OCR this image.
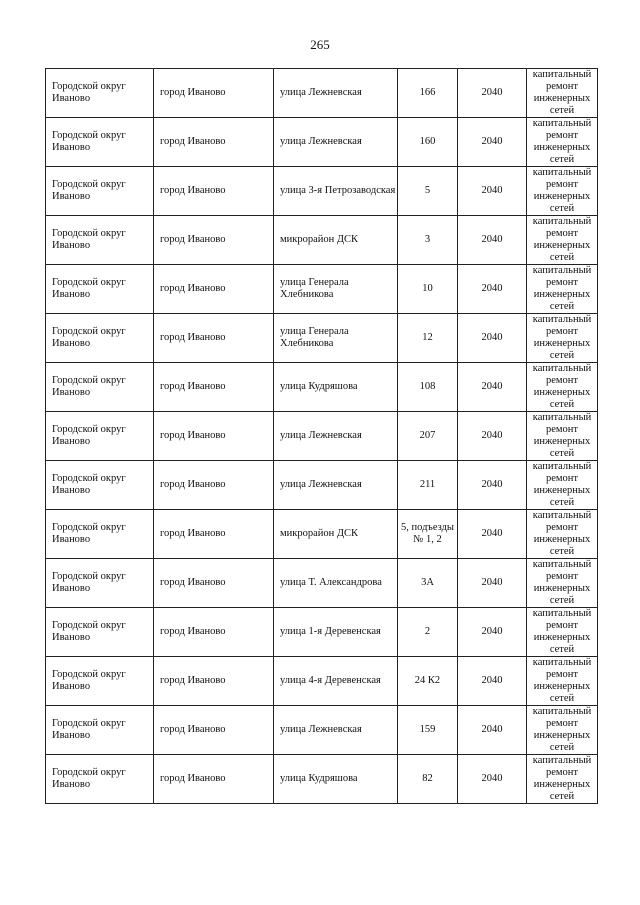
265
Городской округ Иваново	город Иваново	улица Лежневская	166	2040	капитальный ремонт инженерных сетей
Городской округ Иваново	город Иваново	улица Лежневская	160	2040	капитальный ремонт инженерных сетей
Городской округ Иваново	город Иваново	улица 3-я Петрозаводская	5	2040	капитальный ремонт инженерных сетей
Городской округ Иваново	город Иваново	микрорайон ДСК	3	2040	капитальный ремонт инженерных сетей
Городской округ Иваново	город Иваново	улица Генерала Хлебникова	10	2040	капитальный ремонт инженерных сетей
Городской округ Иваново	город Иваново	улица Генерала Хлебникова	12	2040	капитальный ремонт инженерных сетей
Городской округ Иваново	город Иваново	улица Кудряшова	108	2040	капитальный ремонт инженерных сетей
Городской округ Иваново	город Иваново	улица Лежневская	207	2040	капитальный ремонт инженерных сетей
Городской округ Иваново	город Иваново	улица Лежневская	211	2040	капитальный ремонт инженерных сетей
Городской округ Иваново	город Иваново	микрорайон ДСК	5, подъезды № 1, 2	2040	капитальный ремонт инженерных сетей
Городской округ Иваново	город Иваново	улица Т. Александрова	3А	2040	капитальный ремонт инженерных сетей
Городской округ Иваново	город Иваново	улица 1-я Деревенская	2	2040	капитальный ремонт инженерных сетей
Городской округ Иваново	город Иваново	улица 4-я Деревенская	24 К2	2040	капитальный ремонт инженерных сетей
Городской округ Иваново	город Иваново	улица Лежневская	159	2040	капитальный ремонт инженерных сетей
Городской округ Иваново	город Иваново	улица Кудряшова	82	2040	капитальный ремонт инженерных сетей
